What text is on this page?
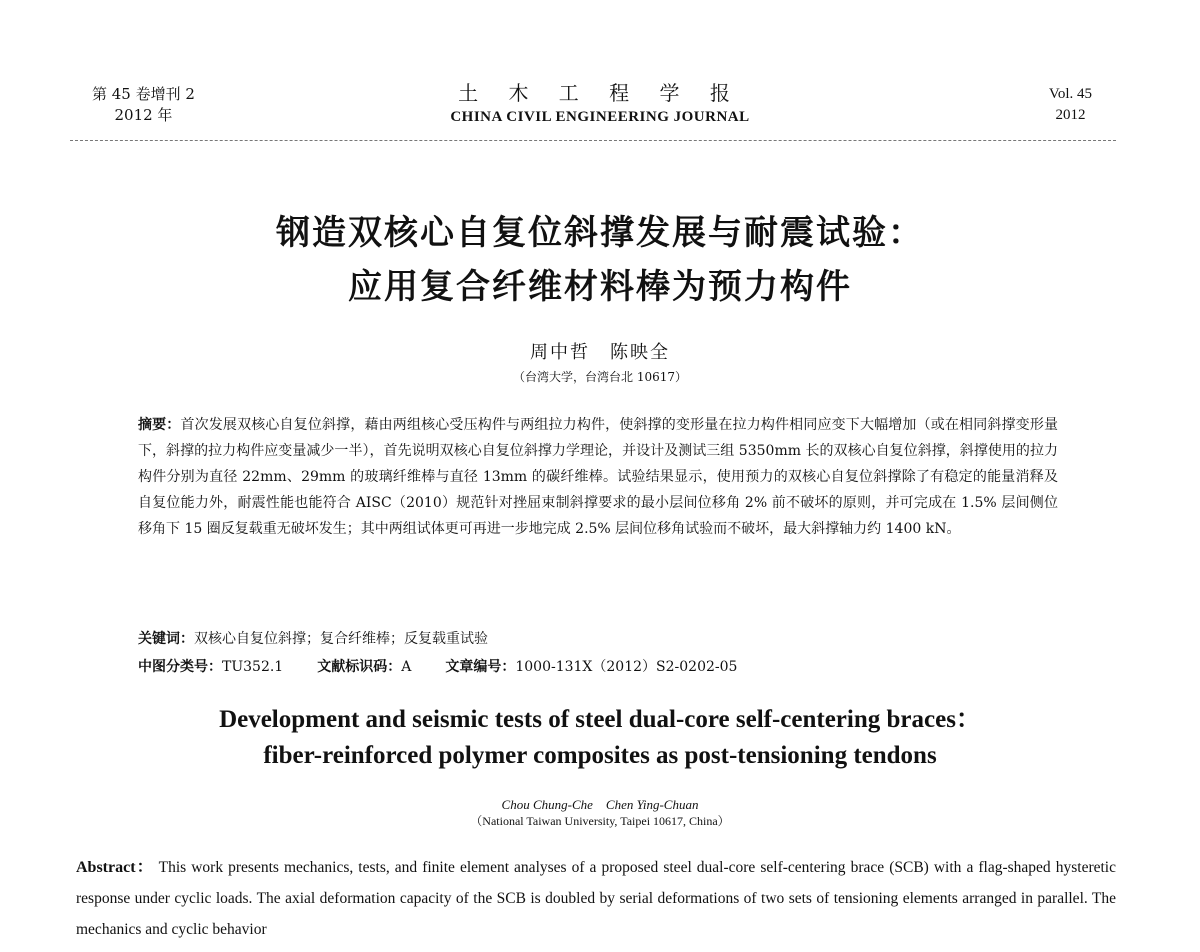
第 45 卷增刊 2
2012 年
土 木 工 程 学 报
CHINA CIVIL ENGINEERING JOURNAL
Vol. 45
2012
钢造双核心自复位斜撑发展与耐震试验：
应用复合纤维材料棒为预力构件
周中哲　陈映全
（台湾大学，台湾台北 10617）
摘要：首次发展双核心自复位斜撑，藉由两组核心受压构件与两组拉力构件，使斜撑的变形量在拉力构件相同应变下大幅增加（或在相同斜撑变形量下，斜撑的拉力构件应变量减少一半），首先说明双核心自复位斜撑力学理论，并设计及测试三组 5350mm 长的双核心自复位斜撑，斜撑使用的拉力构件分别为直径 22mm、29mm 的玻璃纤维棒与直径 13mm 的碳纤维棒。试验结果显示，使用预力的双核心自复位斜撑除了有稳定的能量消释及自复位能力外，耐震性能也能符合 AISC（2010）规范针对挫屈束制斜撑要求的最小层间位移角 2% 前不破坏的原则，并可完成在 1.5% 层间侧位移角下 15 圈反复载重无破坏发生；其中两组试体更可再进一步地完成 2.5% 层间位移角试验而不破坏，最大斜撑轴力约 1400 kN。
关键词：双核心自复位斜撑；复合纤维棒；反复载重试验
中图分类号：TU352.1 文献标识码：A 文章编号：1000-131X（2012）S2-0202-05
Development and seismic tests of steel dual-core self-centering braces：
fiber-reinforced polymer composites as post-tensioning tendons
Chou Chung-Che　Chen Ying-Chuan
（National Taiwan University, Taipei 10617, China）
Abstract： This work presents mechanics, tests, and finite element analyses of a proposed steel dual-core self-centering brace (SCB) with a flag-shaped hysteretic response under cyclic loads. The axial deformation capacity of the SCB is doubled by serial deformations of two sets of tensioning elements arranged in parallel. The mechanics and cyclic behavior
